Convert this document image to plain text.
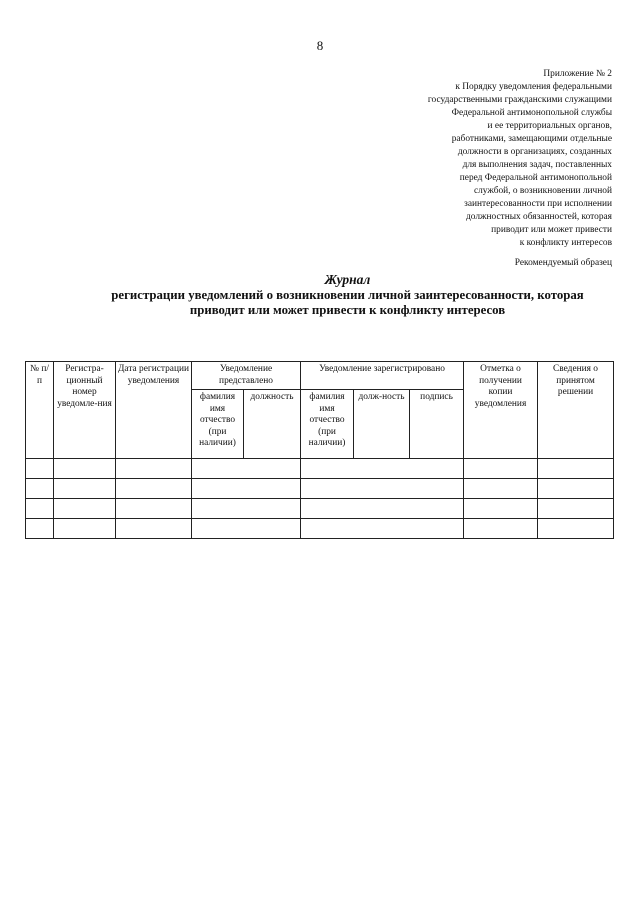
8
Приложение № 2
к Порядку уведомления федеральными
государственными гражданскими служащими
Федеральной антимонопольной службы
и ее территориальных органов,
работниками, замещающими отдельные
должности в организациях, созданных
для выполнения задач, поставленных
перед Федеральной антимонопольной
службой, о возникновении личной
заинтересованности при исполнении
должностных обязанностей, которая
приводит или может привести
к конфликту интересов
Рекомендуемый образец
Журнал
регистрации уведомлений о возникновении личной заинтересованности, которая
приводит или может привести к конфликту интересов
№ п/п	Регистра-ционный номер уведомле-ния	Дата регистрации уведомления	Уведомление представлено		Уведомление зарегистрировано			Отметка о получении копии уведомления	Сведения о принятом решении
			фамилия имя отчество (при наличии)	должность	фамилия имя отчество (при наличии)	долж-ность	подпись		
